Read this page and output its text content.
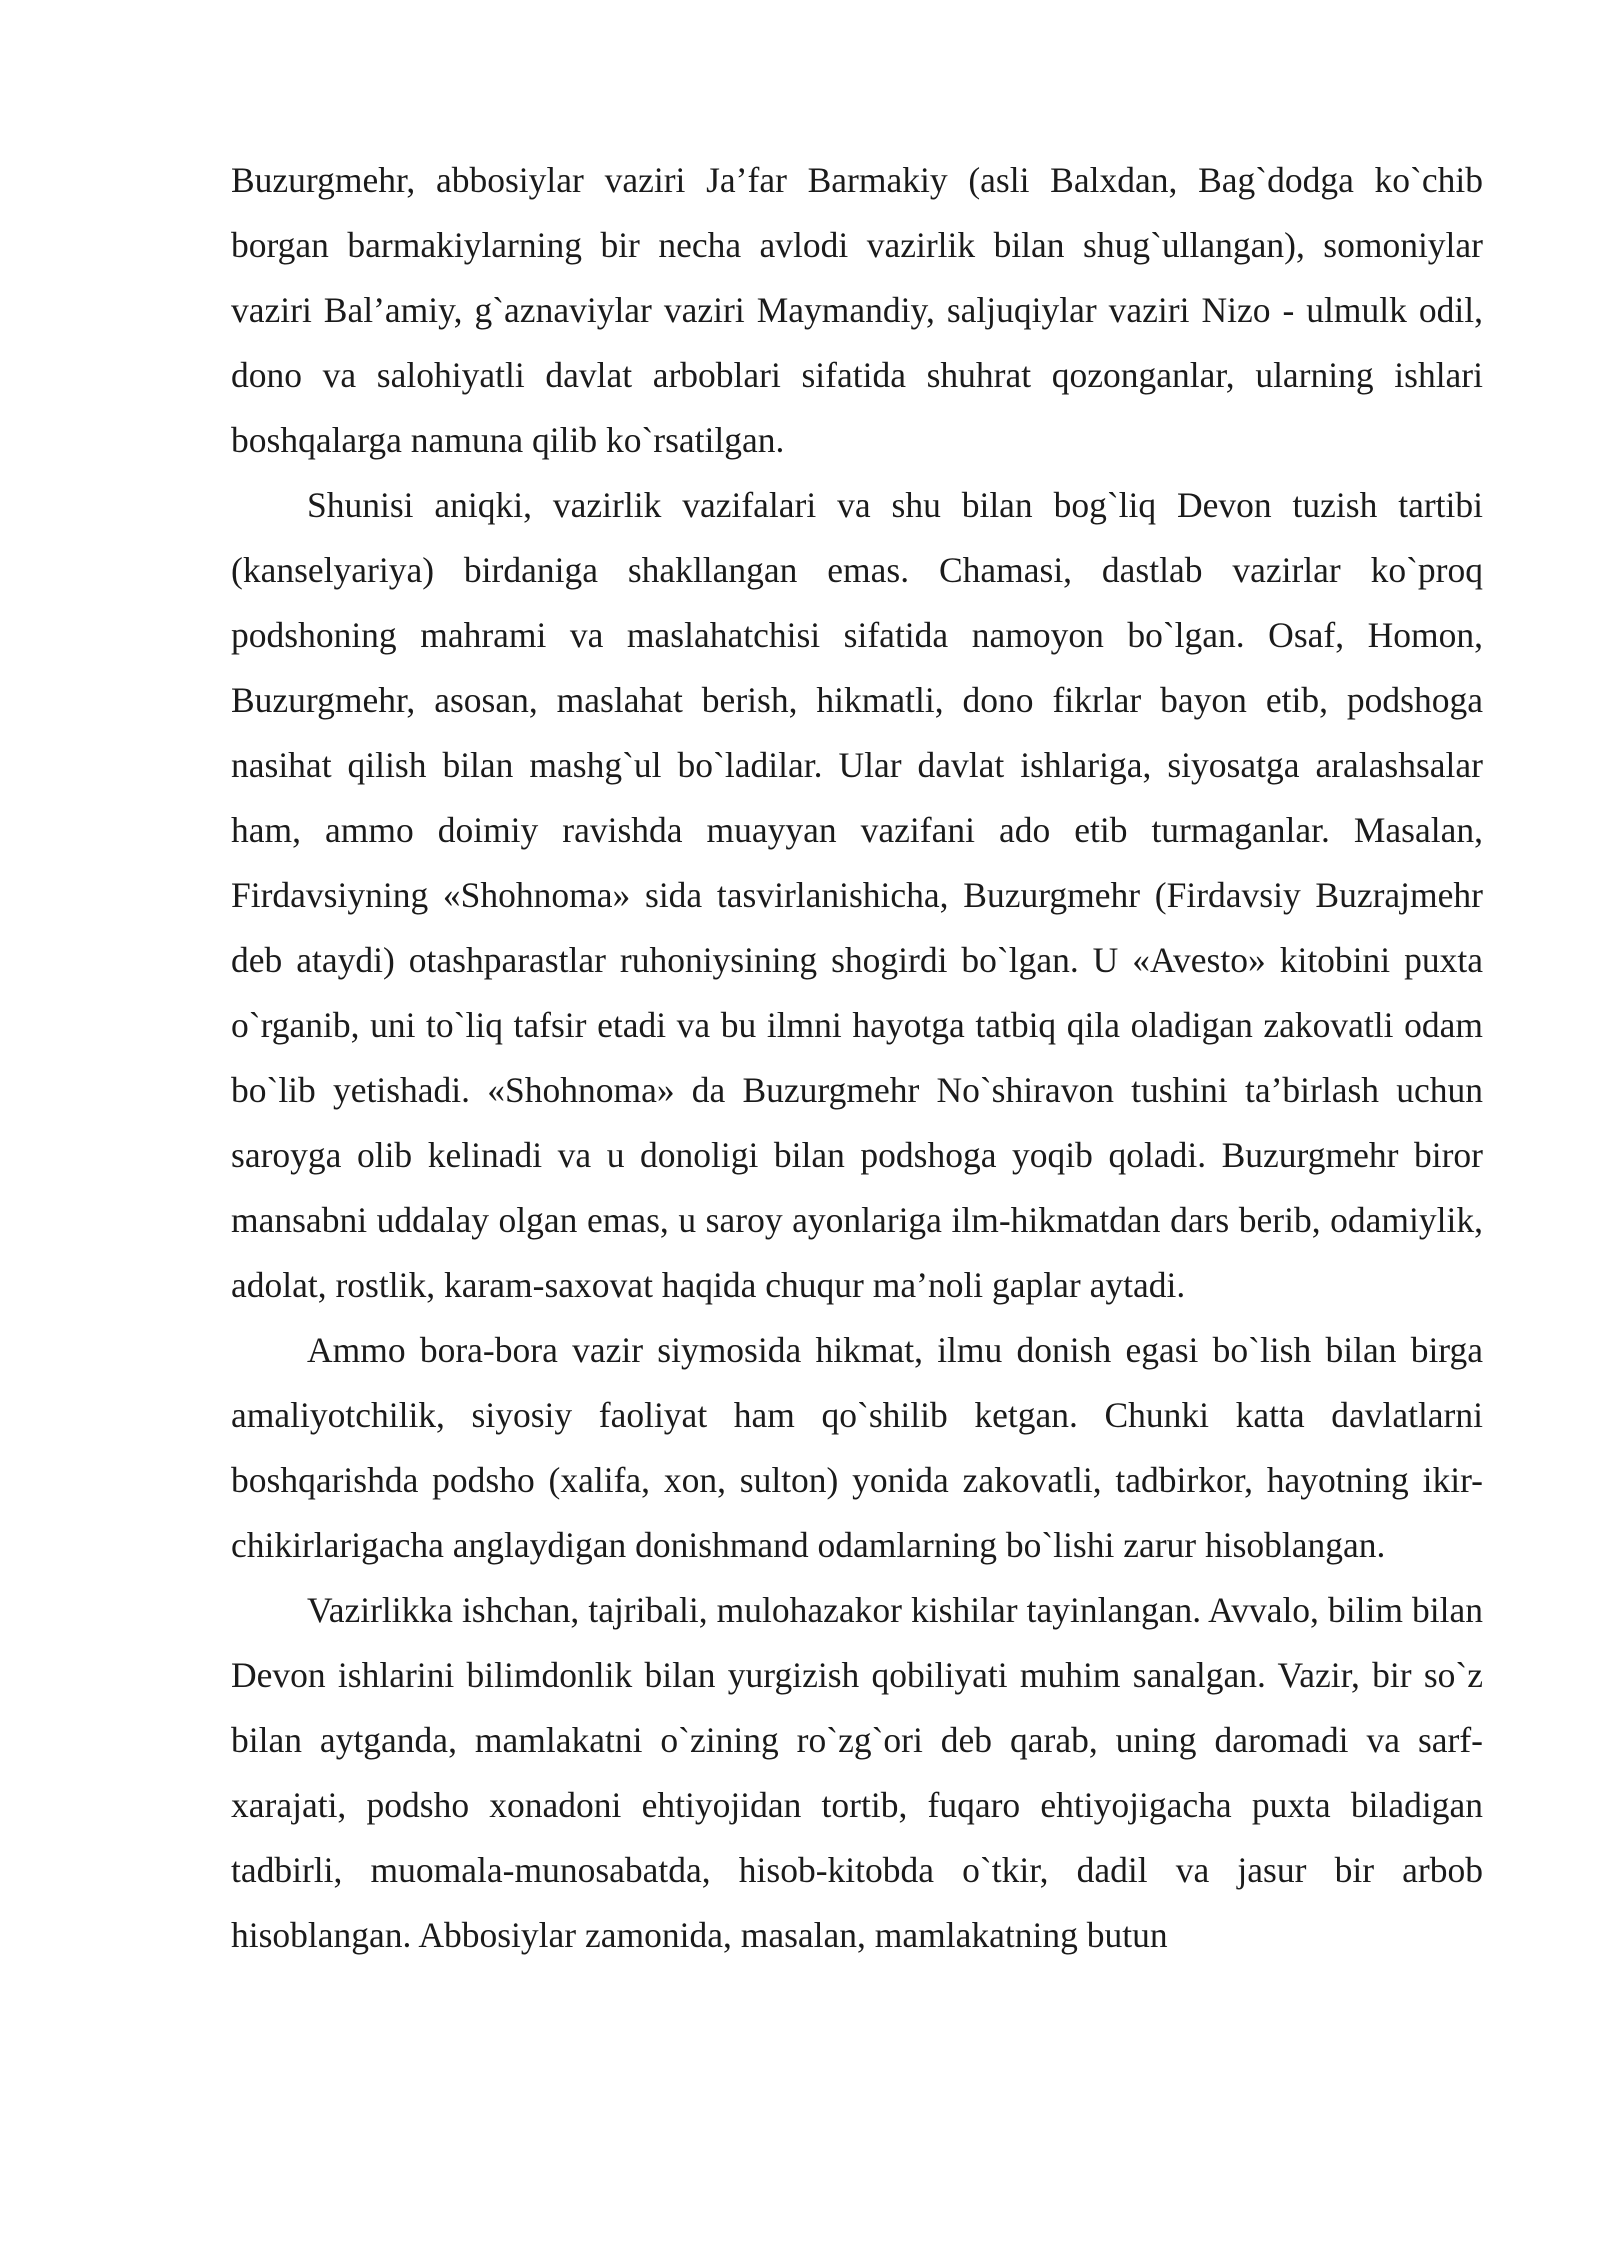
Buzurgmehr, abbosiylar vaziri Ja’far Barmakiy (asli Balxdan, Bag`dodga ko`chib borgan barmakiylarning bir necha avlodi vazirlik bilan shug`ullangan), somoniylar vaziri Bal’amiy, g`aznaviylar vaziri Maymandiy, saljuqiylar vaziri Nizo - ulmulk odil, dono va salohiyatli davlat arboblari sifatida shuhrat qozonganlar, ularning ishlari boshqalarga namuna qilib ko`rsatilgan.

Shunisi aniqki, vazirlik vazifalari va shu bilan bog`liq Devon tuzish tartibi (kanselyariya) birdaniga shakllangan emas. Chamasi, dastlab vazirlar ko`proq podshoning mahrami va maslahatchisi sifatida namoyon bo`lgan. Osaf, Homon, Buzurgmehr, asosan, maslahat berish, hikmatli, dono fikrlar bayon etib, podshoga nasihat qilish bilan mashg`ul bo`ladilar. Ular davlat ishlariga, siyosatga aralashsalar ham, ammo doimiy ravishda muayyan vazifani ado etib turmaganlar. Masalan, Firdavsiyning «Shohnoma» sida tasvirlanishicha, Buzurgmehr (Firdavsiy Buzrajmehr deb ataydi) otashparastlar ruhoniysining shogirdi bo`lgan. U «Avesto» kitobini puxta o`rganib, uni to`liq tafsir etadi va bu ilmni hayotga tatbiq qila oladigan zakovatli odam bo`lib yetishadi. «Shohnoma» da Buzurgmehr No`shiravon tushini ta’birlash uchun saroyga olib kelinadi va u donoligi bilan podshoga yoqib qoladi. Buzurgmehr biror mansabni uddalay olgan emas, u saroy ayonlariga ilm-hikmatdan dars berib, odamiylik, adolat, rostlik, karam-saxovat haqida chuqur ma’noli gaplar aytadi.

Ammo bora-bora vazir siymosida hikmat, ilmu donish egasi bo`lish bilan birga amaliyotchilik, siyosiy faoliyat ham qo`shilib ketgan. Chunki katta davlatlarni boshqarishda podsho (xalifa, xon, sulton) yonida zakovatli, tadbirkor, hayotning ikir-chikirlarigacha anglaydigan donishmand odamlarning bo`lishi zarur hisoblangan.

Vazirlikka ishchan, tajribali, mulohazakor kishilar tayinlangan. Avvalo, bilim bilan Devon ishlarini bilimdonlik bilan yurgizish qobiliyati muhim sanalgan. Vazir, bir so`z bilan aytganda, mamlakatni o`zining ro`zg`ori deb qarab, uning daromadi va sarf-xarajati, podsho xonadoni ehtiyojidan tortib, fuqaro ehtiyojigacha puxta biladigan tadbirli, muomala-munosabatda, hisob-kitobda o`tkir, dadil va jasur bir arbob hisoblangan. Abbosiylar zamonida, masalan, mamlakatning butun
